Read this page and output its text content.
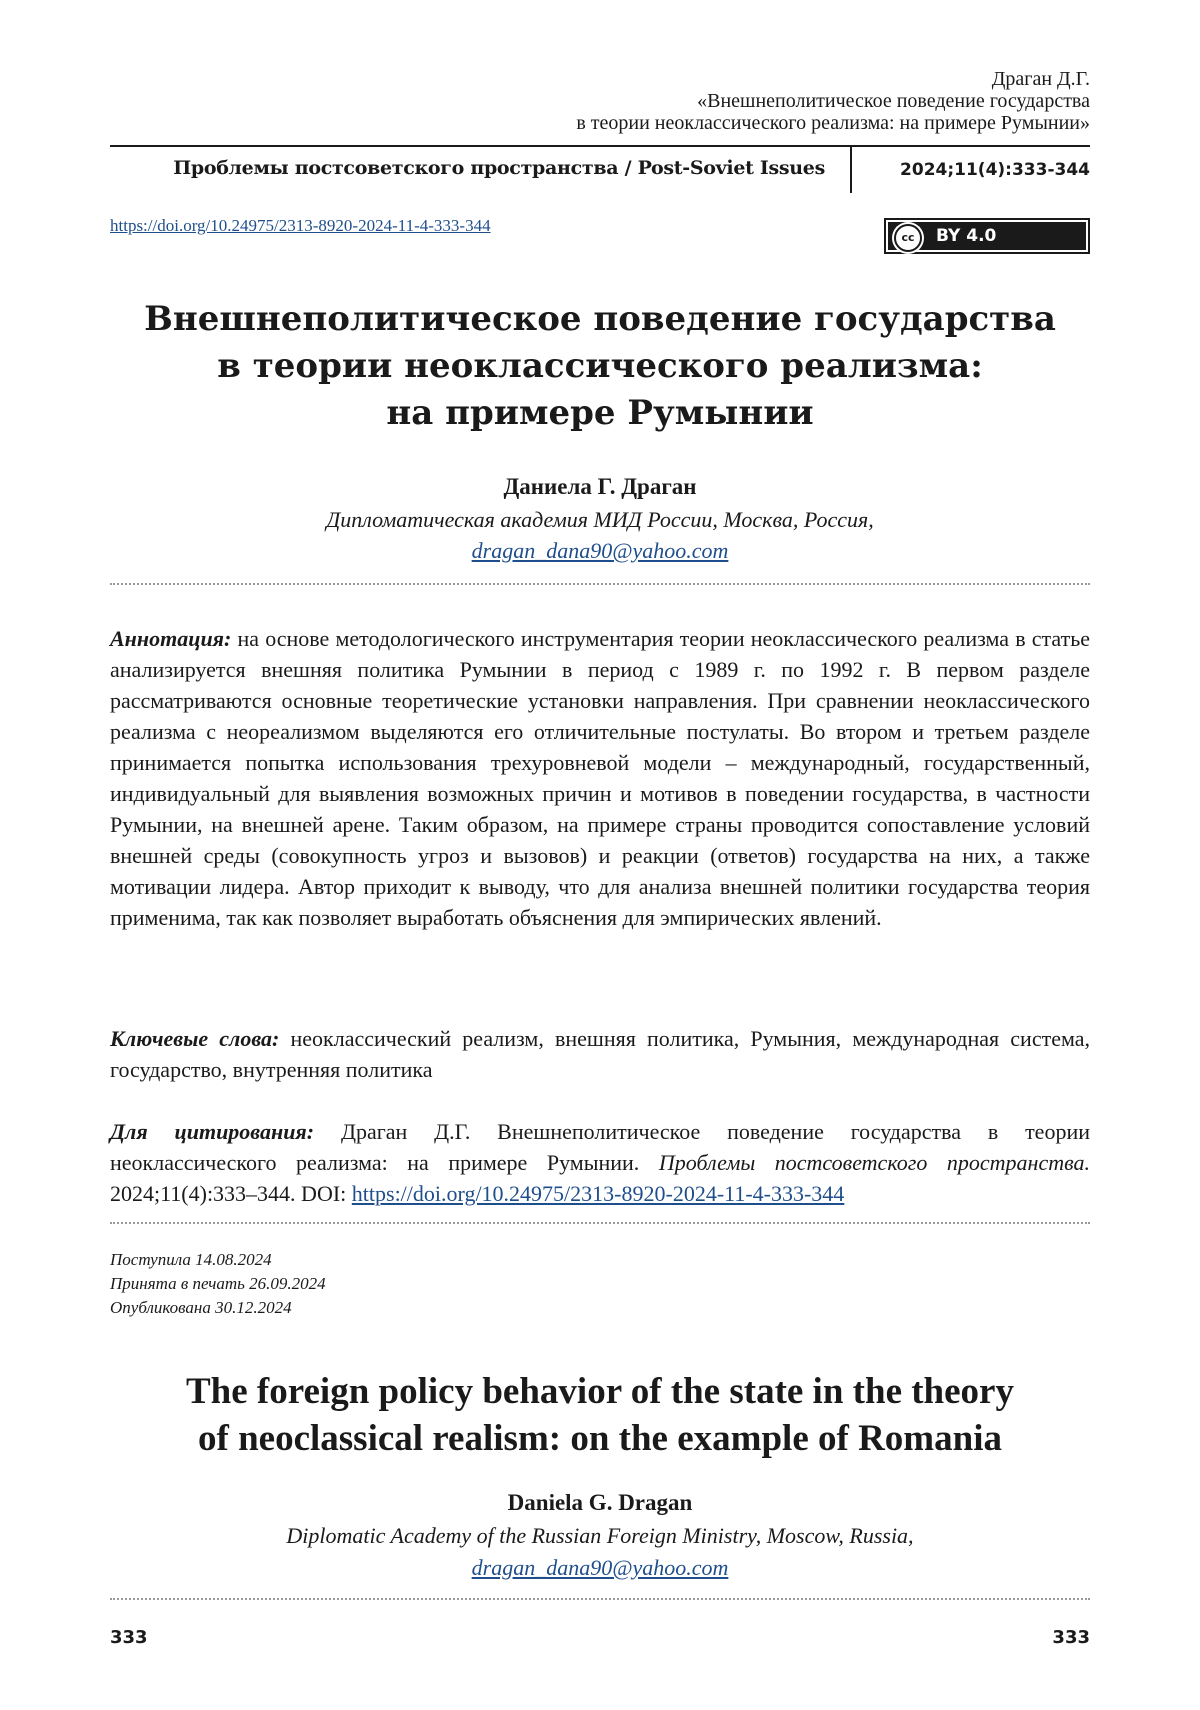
Драган Д.Г.
«Внешнеполитическое поведение государства
в теории неоклассического реализма: на примере Румынии»
Проблемы постсоветского пространства / Post-Soviet Issues	2024;11(4):333-344
https://doi.org/10.24975/2313-8920-2024-11-4-333-344
cc	BY 4.0
Внешнеполитическое поведение государства
в теории неоклассического реализма:
на примере Румынии
Даниела Г. Драган
Дипломатическая академия МИД России, Москва, Россия,
dragan_dana90@yahoo.com
Аннотация: на основе методологического инструментария теории неоклассического реализма в статье анализируется внешняя политика Румынии в период с 1989 г. по 1992 г. В первом разделе рассматриваются основные теоретические установки направления. При сравнении неоклассического реализма с неореализмом выделяются его отличительные постулаты. Во втором и третьем разделе принимается попытка использования трехуровневой модели – международный, государственный, индивидуальный для выявления возможных причин и мотивов в поведении государства, в частности Румынии, на внешней арене. Таким образом, на примере страны проводится сопоставление условий внешней среды (совокупность угроз и вызовов) и реакции (ответов) государства на них, а также мотивации лидера. Автор приходит к выводу, что для анализа внешней политики государства теория применима, так как позволяет выработать объяснения для эмпирических явлений.
Ключевые слова: неоклассический реализм, внешняя политика, Румыния, международная система, государство, внутренняя политика
Для цитирования: Драган Д.Г. Внешнеполитическое поведение государства в теории неоклассического реализма: на примере Румынии. Проблемы постсоветского пространства. 2024;11(4):333–344. DOI: https://doi.org/10.24975/2313-8920-2024-11-4-333-344
Поступила 14.08.2024
Принята в печать 26.09.2024
Опубликована 30.12.2024
The foreign policy behavior of the state in the theory
of neoclassical realism: on the example of Romania
Daniela G. Dragan
Diplomatic Academy of the Russian Foreign Ministry, Moscow, Russia,
dragan_dana90@yahoo.com
333	333
